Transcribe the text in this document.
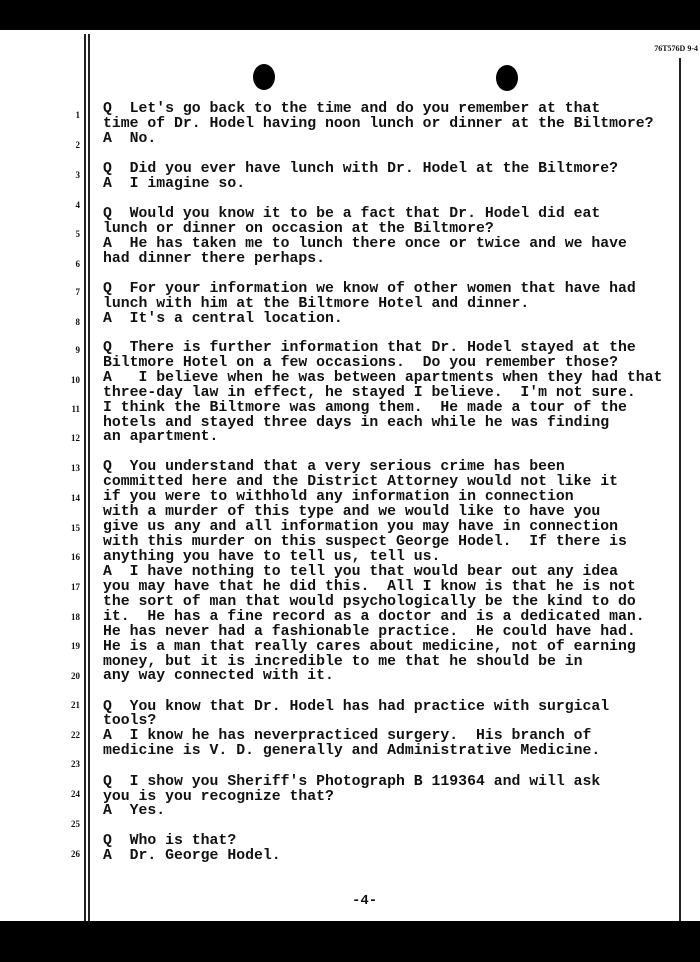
76T576D 9-4
1
2
3
4
5
6
7
8
9
10
11
12
13
14
15
16
17
18
19
20
21
22
23
24
25
26
Q  Let's go back to the time and do you remember at that
time of Dr. Hodel having noon lunch or dinner at the Biltmore?
A  No.
Q  Did you ever have lunch with Dr. Hodel at the Biltmore?
A  I imagine so.
Q  Would you know it to be a fact that Dr. Hodel did eat
lunch or dinner on occasion at the Biltmore?
A  He has taken me to lunch there once or twice and we have
had dinner there perhaps.
Q  For your information we know of other women that have had
lunch with him at the Biltmore Hotel and dinner.
A  It's a central location.
Q  There is further information that Dr. Hodel stayed at the
Biltmore Hotel on a few occasions.  Do you remember those?
A   I believe when he was between apartments when they had that
three-day law in effect, he stayed I believe.  I'm not sure.
I think the Biltmore was among them.  He made a tour of the
hotels and stayed three days in each while he was finding
an apartment.
Q  You understand that a very serious crime has been
committed here and the District Attorney would not like it
if you were to withhold any information in connection
with a murder of this type and we would like to have you
give us any and all information you may have in connection
with this murder on this suspect George Hodel.  If there is
anything you have to tell us, tell us.
A  I have nothing to tell you that would bear out any idea
you may have that he did this.  All I know is that he is not
the sort of man that would psychologically be the kind to do
it.  He has a fine record as a doctor and is a dedicated man.
He has never had a fashionable practice.  He could have had.
He is a man that really cares about medicine, not of earning
money, but it is incredible to me that he should be in
any way connected with it.
Q  You know that Dr. Hodel has had practice with surgical
tools?
A  I know he has neverpracticed surgery.  His branch of
medicine is V. D. generally and Administrative Medicine.
Q  I show you Sheriff's Photograph B 119364 and will ask
you is you recognize that?
A  Yes.
Q  Who is that?
A  Dr. George Hodel.
-4-
